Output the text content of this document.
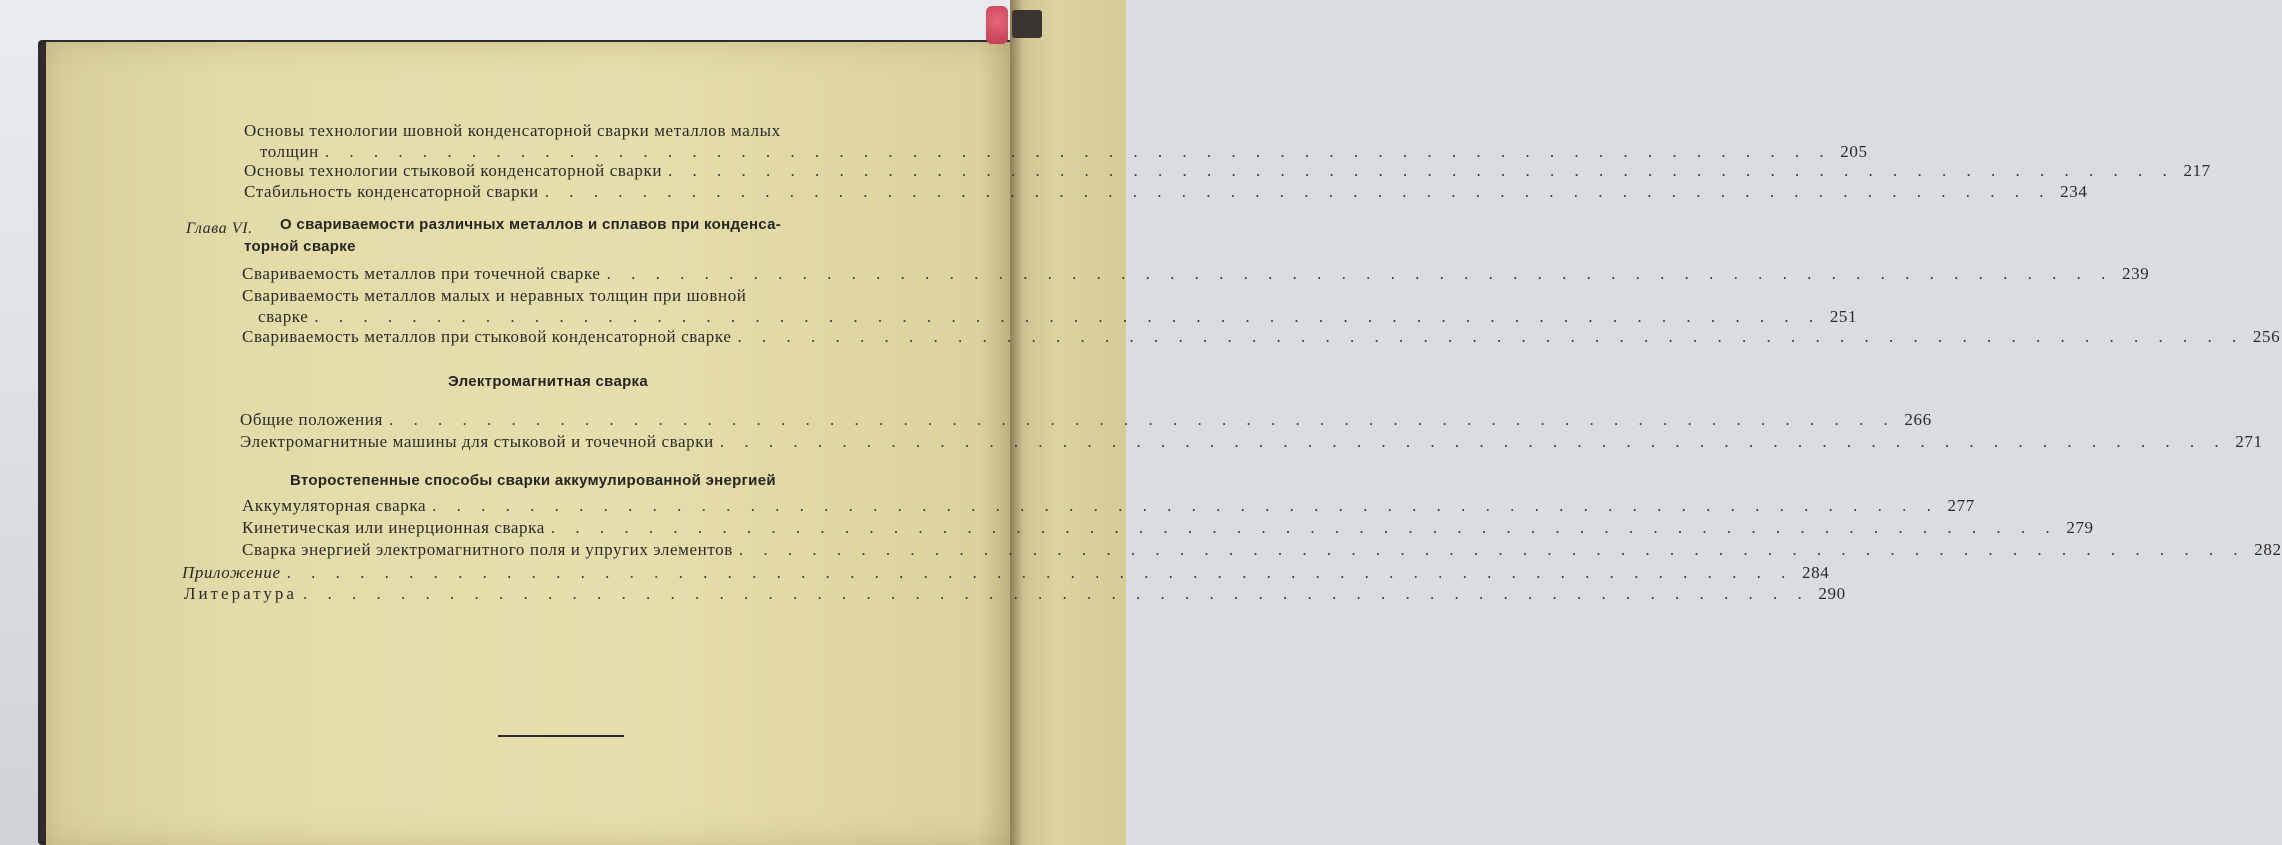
Основы технологии шовной конденсаторной сварки металлов малых
толщин . . . . . . . . . . . . . . . . . . . . . . . . . . . . . . . . . . . . . . . . . . . . . . . . . . . . . . . . . . . . . . 205
Основы технологии стыковой конденсаторной сварки . . . . . . . . . . . . . . . . . . . . . . . . . . . . . . . . . . . . . . . . . . . . . . . . . . . . . . . . . . . . . . 217
Стабильность конденсаторной сварки . . . . . . . . . . . . . . . . . . . . . . . . . . . . . . . . . . . . . . . . . . . . . . . . . . . . . . . . . . . . . . 234
Глава VI. О свариваемости различных металлов и сплавов при конденса-
торной сварке
Свариваемость металлов при точечной сварке . . . . . . . . . . . . . . . . . . . . . . . . . . . . . . . . . . . . . . . . . . . . . . . . . . . . . . . . . . . . . . 239
Свариваемость металлов малых и неравных толщин при шовной
сварке . . . . . . . . . . . . . . . . . . . . . . . . . . . . . . . . . . . . . . . . . . . . . . . . . . . . . . . . . . . . . . 251
Свариваемость металлов при стыковой конденсаторной сварке . . . . . . . . . . . . . . . . . . . . . . . . . . . . . . . . . . . . . . . . . . . . . . . . . . . . . . . . . . . . . . 256
Электромагнитная сварка
Общие положения . . . . . . . . . . . . . . . . . . . . . . . . . . . . . . . . . . . . . . . . . . . . . . . . . . . . . . . . . . . . . . 266
Электромагнитные машины для стыковой и точечной сварки . . . . . . . . . . . . . . . . . . . . . . . . . . . . . . . . . . . . . . . . . . . . . . . . . . . . . . . . . . . . . . 271
Второстепенные способы сварки аккумулированной энергией
Аккумуляторная сварка . . . . . . . . . . . . . . . . . . . . . . . . . . . . . . . . . . . . . . . . . . . . . . . . . . . . . . . . . . . . . . 277
Кинетическая или инерционная сварка . . . . . . . . . . . . . . . . . . . . . . . . . . . . . . . . . . . . . . . . . . . . . . . . . . . . . . . . . . . . . . 279
Сварка энергией электромагнитного поля и упругих элементов . . . . . . . . . . . . . . . . . . . . . . . . . . . . . . . . . . . . . . . . . . . . . . . . . . . . . . . . . . . . . . 282
Приложение . . . . . . . . . . . . . . . . . . . . . . . . . . . . . . . . . . . . . . . . . . . . . . . . . . . . . . . . . . . . . . 284
Литература . . . . . . . . . . . . . . . . . . . . . . . . . . . . . . . . . . . . . . . . . . . . . . . . . . . . . . . . . . . . . . 290
